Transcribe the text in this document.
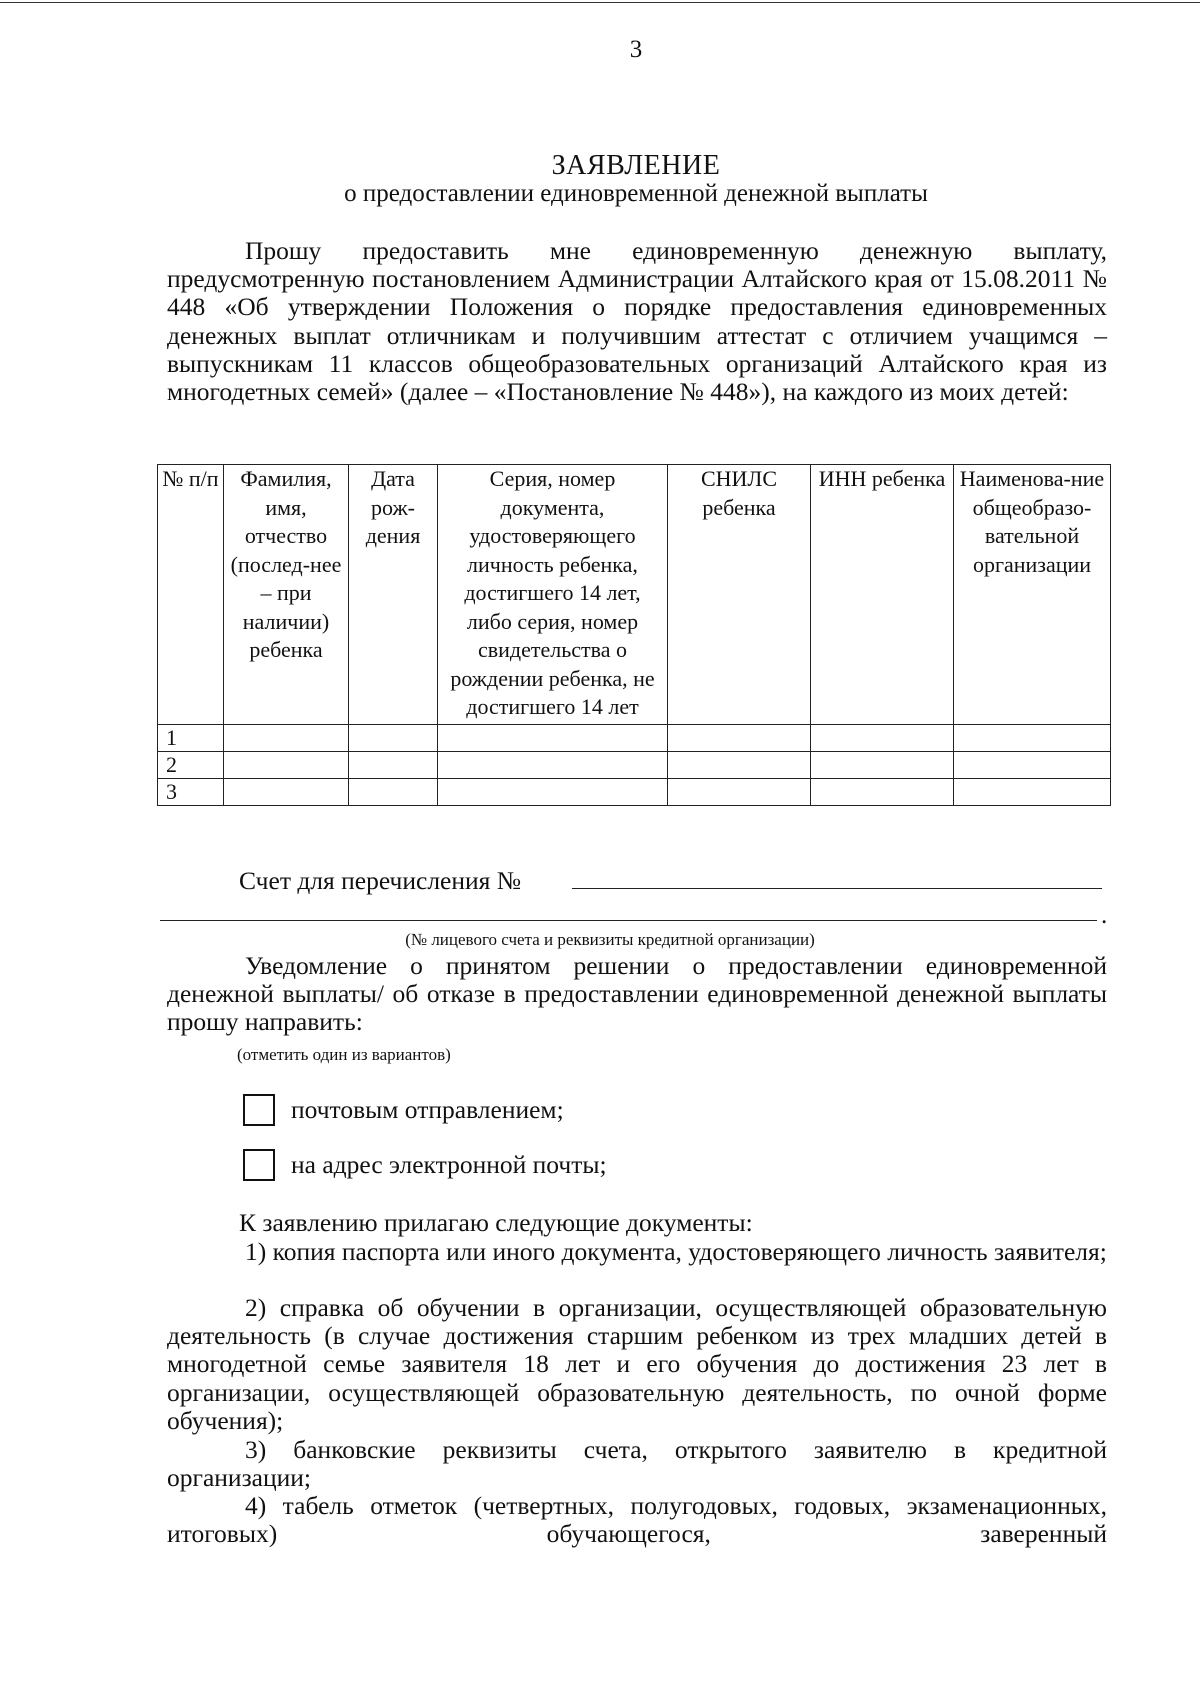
3
ЗАЯВЛЕНИЕ
о предоставлении единовременной денежной выплаты

Прошу предоставить мне единовременную денежную выплату, предусмотренную постановлением Администрации Алтайского края от 15.08.2011 № 448 «Об утверждении Положения о порядке предоставления единовременных денежных выплат отличникам и получившим аттестат с отличием учащимся – выпускникам 11 классов общеобразовательных организаций Алтайского края из многодетных семей» (далее – «Постановление № 448»), на каждого из моих детей:

№ п/п	Фамилия, имя, отчество (послед-нее – при наличии) ребенка	Дата рож-дения	Серия, номер документа, удостоверяющего личность ребенка, достигшего 14 лет, либо серия, номер свидетельства о рождении ребенка, не достигшего 14 лет	СНИЛС ребенка	ИНН ребенка	Наименова-ние общеобразо-вательной организации
1						
2						
3						
Счет для перечисления №
.
(№ лицевого счета и реквизиты кредитной организации)

Уведомление о принятом решении о предоставлении единовременной денежной выплаты/ об отказе в предоставлении единовременной денежной выплаты прошу направить:

(отметить один из вариантов)
почтовым отправлением;
на адрес электронной почты;
К заявлению прилагаю следующие документы:

1) копия паспорта или иного документа, удостоверяющего личность заявителя;

2) справка об обучении в организации, осуществляющей образовательную деятельность (в случае достижения старшим ребенком из трех младших детей в многодетной семье заявителя 18 лет и его обучения до достижения 23 лет в организации, осуществляющей образовательную деятельность, по очной форме обучения);

3) банковские реквизиты счета, открытого заявителю в кредитной организации;

4) табель отметок (четвертных, полугодовых, годовых, экзаменационных, итоговых) обучающегося, заверенный
